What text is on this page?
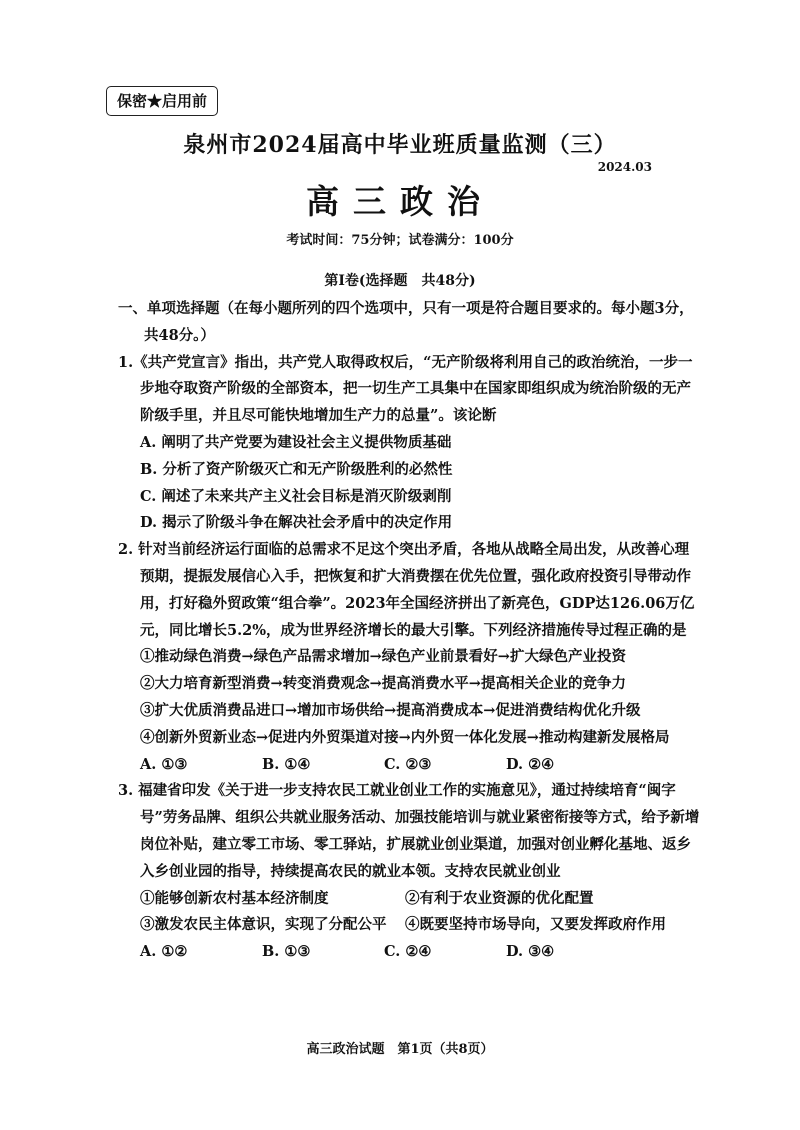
保密★启用前
泉州市2024届高中毕业班质量监测（三）
2024.03
高三政治
考试时间：75分钟；试卷满分：100分
第Ⅰ卷(选择题　共48分)
一、单项选择题（在每小题所列的四个选项中，只有一项是符合题目要求的。每小题3分，共48分。）
1.《共产党宣言》指出，共产党人取得政权后，“无产阶级将利用自己的政治统治，一步一步地夺取资产阶级的全部资本，把一切生产工具集中在国家即组织成为统治阶级的无产阶级手里，并且尽可能快地增加生产力的总量”。该论断
A. 阐明了共产党要为建设社会主义提供物质基础
B. 分析了资产阶级灭亡和无产阶级胜利的必然性
C. 阐述了未来共产主义社会目标是消灭阶级剥削
D. 揭示了阶级斗争在解决社会矛盾中的决定作用
2. 针对当前经济运行面临的总需求不足这个突出矛盾，各地从战略全局出发，从改善心理预期，提振发展信心入手，把恢复和扩大消费摆在优先位置，强化政府投资引导带动作用，打好稳外贸政策“组合拳”。2023年全国经济拼出了新亮色，GDP达126.06万亿元，同比增长5.2%，成为世界经济增长的最大引擎。下列经济措施传导过程正确的是
①推动绿色消费→绿色产品需求增加→绿色产业前景看好→扩大绿色产业投资
②大力培育新型消费→转变消费观念→提高消费水平→提高相关企业的竞争力
③扩大优质消费品进口→增加市场供给→提高消费成本→促进消费结构优化升级
④创新外贸新业态→促进内外贸渠道对接→内外贸一体化发展→推动构建新发展格局
A. ①③	B. ①④	C. ②③	D. ②④
3. 福建省印发《关于进一步支持农民工就业创业工作的实施意见》，通过持续培育“闽字号”劳务品牌、组织公共就业服务活动、加强技能培训与就业紧密衔接等方式，给予新增岗位补贴，建立零工市场、零工驿站，扩展就业创业渠道，加强对创业孵化基地、返乡入乡创业园的指导，持续提高农民的就业本领。支持农民就业创业
①能够创新农村基本经济制度	②有利于农业资源的优化配置
③激发农民主体意识，实现了分配公平	④既要坚持市场导向，又要发挥政府作用
A. ①②	B. ①③	C. ②④	D. ③④
高三政治试题　第1页（共8页）
